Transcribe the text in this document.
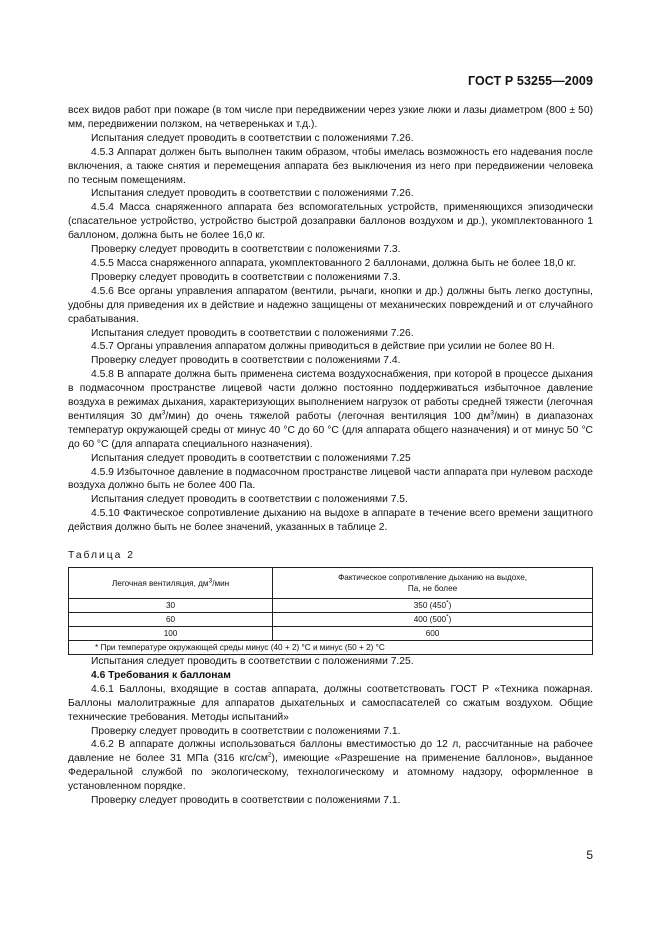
ГОСТ Р 53255—2009

всех видов работ при пожаре (в том числе при передвижении через узкие люки и лазы диаметром (800 ± 50) мм, передвижении ползком, на четвереньках и т.д.).

Испытания следует проводить в соответствии с положениями 7.26.

4.5.3 Аппарат должен быть выполнен таким образом, чтобы имелась возможность его надевания после включения, а также снятия и перемещения аппарата без выключения из него при передвижении человека по тесным помещениям.

Испытания следует проводить в соответствии с положениями 7.26.

4.5.4 Масса снаряженного аппарата без вспомогательных устройств, применяющихся эпизодически (спасательное устройство, устройство быстрой дозаправки баллонов воздухом и др.), укомплектованного 1 баллоном, должна быть не более 16,0 кг.

Проверку следует проводить в соответствии с положениями 7.3.

4.5.5 Масса снаряженного аппарата, укомплектованного 2 баллонами, должна быть не более 18,0 кг.

Проверку следует проводить в соответствии с положениями 7.3.

4.5.6 Все органы управления аппаратом (вентили, рычаги, кнопки и др.) должны быть легко доступны, удобны для приведения их в действие и надежно защищены от механических повреждений и от случайного срабатывания.

Испытания следует проводить в соответствии с положениями 7.26.

4.5.7 Органы управления аппаратом должны приводиться в действие при усилии не более 80 Н.

Проверку следует проводить в соответствии с положениями 7.4.

4.5.8 В аппарате должна быть применена система воздухоснабжения, при которой в процессе дыхания в подмасочном пространстве лицевой части должно постоянно поддерживаться избыточное давление воздуха в режимах дыхания, характеризующих выполнением нагрузок от работы средней тяжести (легочная вентиляция 30 $дм^3/мин$) до очень тяжелой работы (легочная вентиляция 100 $дм^3/мин$) в диапазонах температур окружающей среды от минус 40 °С до 60 °С (для аппарата общего назначения) и от минус 50 °С до 60 °С (для аппарата специального назначения).

Испытания следует проводить в соответствии с положениями 7.25

4.5.9 Избыточное давление в подмасочном пространстве лицевой части аппарата при нулевом расходе воздуха должно быть не более 400 Па.

Испытания следует проводить в соответствии с положениями 7.5.

4.5.10 Фактическое сопротивление дыханию на выдохе в аппарате в течение всего времени защитного действия должно быть не более значений, указанных в таблице 2.

Таблица 2
Легочная вентиляция, $дм^3$/мин	Фактическое сопротивление дыханию на выдохе,
Па, не более
30	350 (450*)
60	400 (500*)
100	600
* При температуре окружающей среды минус (40 + 2) °С и минус (50 + 2) °С	

Испытания следует проводить в соответствии с положениями 7.25.

4.6 Требования к баллонам

4.6.1 Баллоны, входящие в состав аппарата, должны соответствовать ГОСТ Р «Техника пожарная. Баллоны малолитражные для аппаратов дыхательных и самоспасателей со сжатым воздухом. Общие технические требования. Методы испытаний»

Проверку следует проводить в соответствии с положениями 7.1.

4.6.2 В аппарате должны использоваться баллоны вместимостью до 12 л, рассчитанные на рабочее давление не более 31 МПа (316 кгс/$см^2$), имеющие «Разрешение на применение баллонов», выданное Федеральной службой по экологическому, технологическому и атомному надзору, оформленное в установленном порядке.

Проверку следует проводить в соответствии с положениями 7.1.

5
